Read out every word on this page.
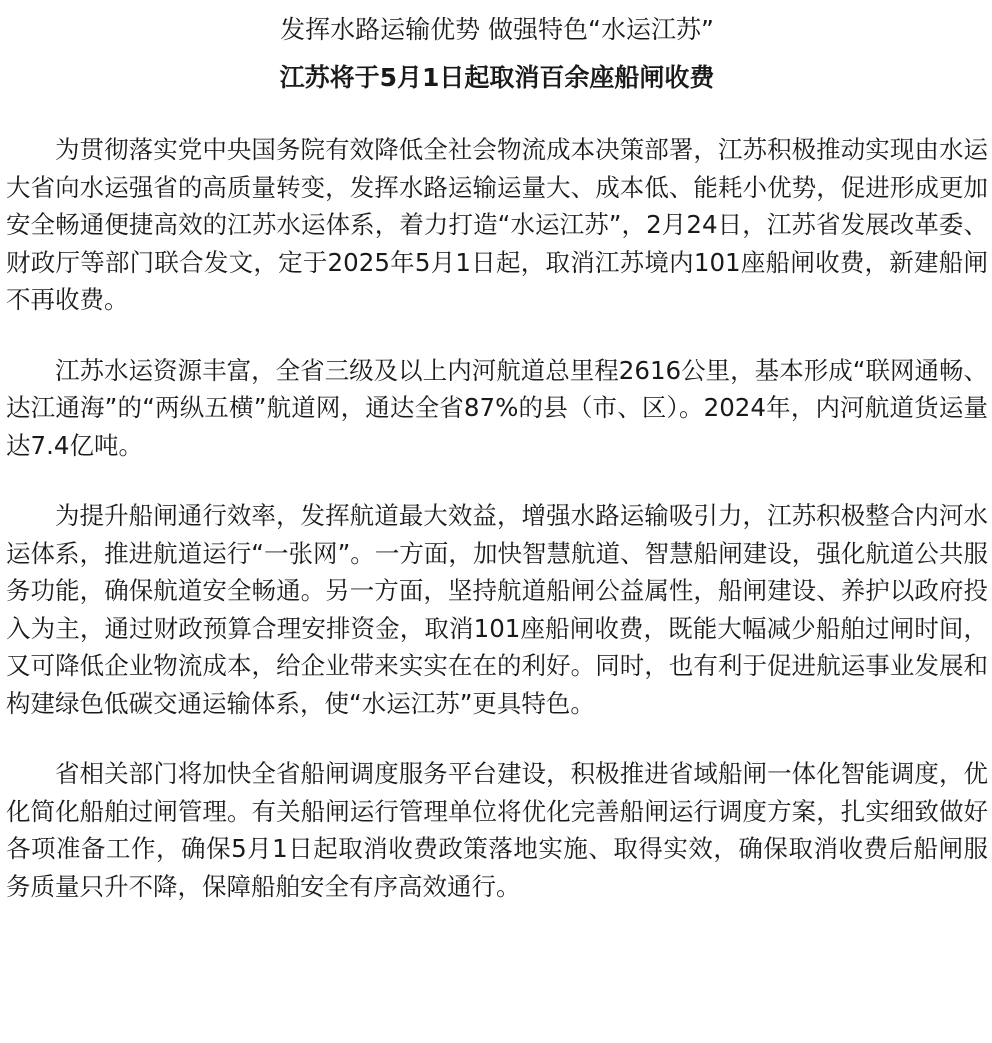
发挥水路运输优势 做强特色“水运江苏”
江苏将于5月1日起取消百余座船闸收费

为贯彻落实党中央国务院有效降低全社会物流成本决策部署，江苏积极推动实现由水运大省向水运强省的高质量转变，发挥水路运输运量大、成本低、能耗小优势，促进形成更加安全畅通便捷高效的江苏水运体系，着力打造“水运江苏”，2月24日，江苏省发展改革委、财政厅等部门联合发文，定于2025年5月1日起，取消江苏境内101座船闸收费，新建船闸不再收费。

江苏水运资源丰富，全省三级及以上内河航道总里程2616公里，基本形成“联网通畅、达江通海”的“两纵五横”航道网，通达全省87%的县（市、区）。2024年，内河航道货运量达7.4亿吨。

为提升船闸通行效率，发挥航道最大效益，增强水路运输吸引力，江苏积极整合内河水运体系，推进航道运行“一张网”。一方面，加快智慧航道、智慧船闸建设，强化航道公共服务功能，确保航道安全畅通。另一方面，坚持航道船闸公益属性，船闸建设、养护以政府投入为主，通过财政预算合理安排资金，取消101座船闸收费，既能大幅减少船舶过闸时间，又可降低企业物流成本，给企业带来实实在在的利好。同时，也有利于促进航运事业发展和构建绿色低碳交通运输体系，使“水运江苏”更具特色。

省相关部门将加快全省船闸调度服务平台建设，积极推进省域船闸一体化智能调度，优化简化船舶过闸管理。有关船闸运行管理单位将优化完善船闸运行调度方案，扎实细致做好各项准备工作，确保5月1日起取消收费政策落地实施、取得实效，确保取消收费后船闸服务质量只升不降，保障船舶安全有序高效通行。
